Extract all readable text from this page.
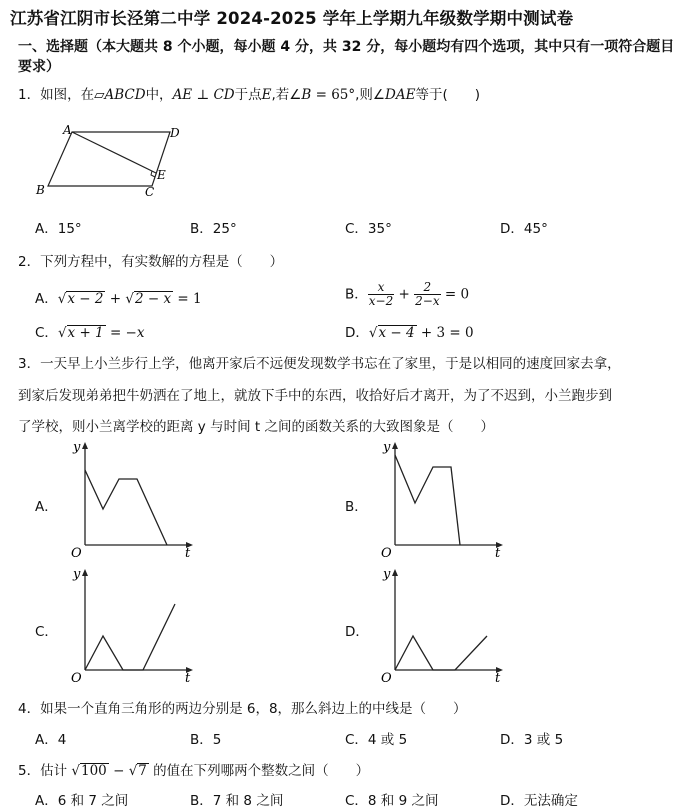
江苏省江阴市长泾第二中学 2024-2025 学年上学期九年级数学期中测试卷
一、选择题（本大题共 8 个小题，每小题 4 分，共 32 分，每小题均有四个选项，其中只有一项符合题目要求）
1．如图，在▱ABCD中，AE ⊥ CD于点E,若∠B = 65°,则∠DAE等于(　　)
A	D
B	C
E
A．15°	B．25°	C．35°	D．45°
2．下列方程中，有实数解的方程是（　　）
A．√x − 2 + √2 − x = 1	B． $\frac{x}{x-2} + \frac{2}{2-x} = 0$
C．√x + 1 = −x	D．√x − 4 + 3 = 0
3．一天早上小兰步行上学，他离开家后不远便发现数学书忘在了家里，于是以相同的速度回家去拿，
到家后发现弟弟把牛奶洒在了地上，就放下手中的东西，收拾好后才离开，为了不迟到，小兰跑步到
了学校，则小兰离学校的距离 y 与时间 t 之间的函数关系的大致图象是（　　）
A．
y
O	t
B．
y
O	t
C．
y
O	t
D．
y
O	t
4．如果一个直角三角形的两边分别是 6，8，那么斜边上的中线是（　　）
A．4	B．5	C．4 或 5	D．3 或 5
5．估计 √100 − √7 的值在下列哪两个整数之间（　　）
A．6 和 7 之间	B．7 和 8 之间	C．8 和 9 之间	D．无法确定
